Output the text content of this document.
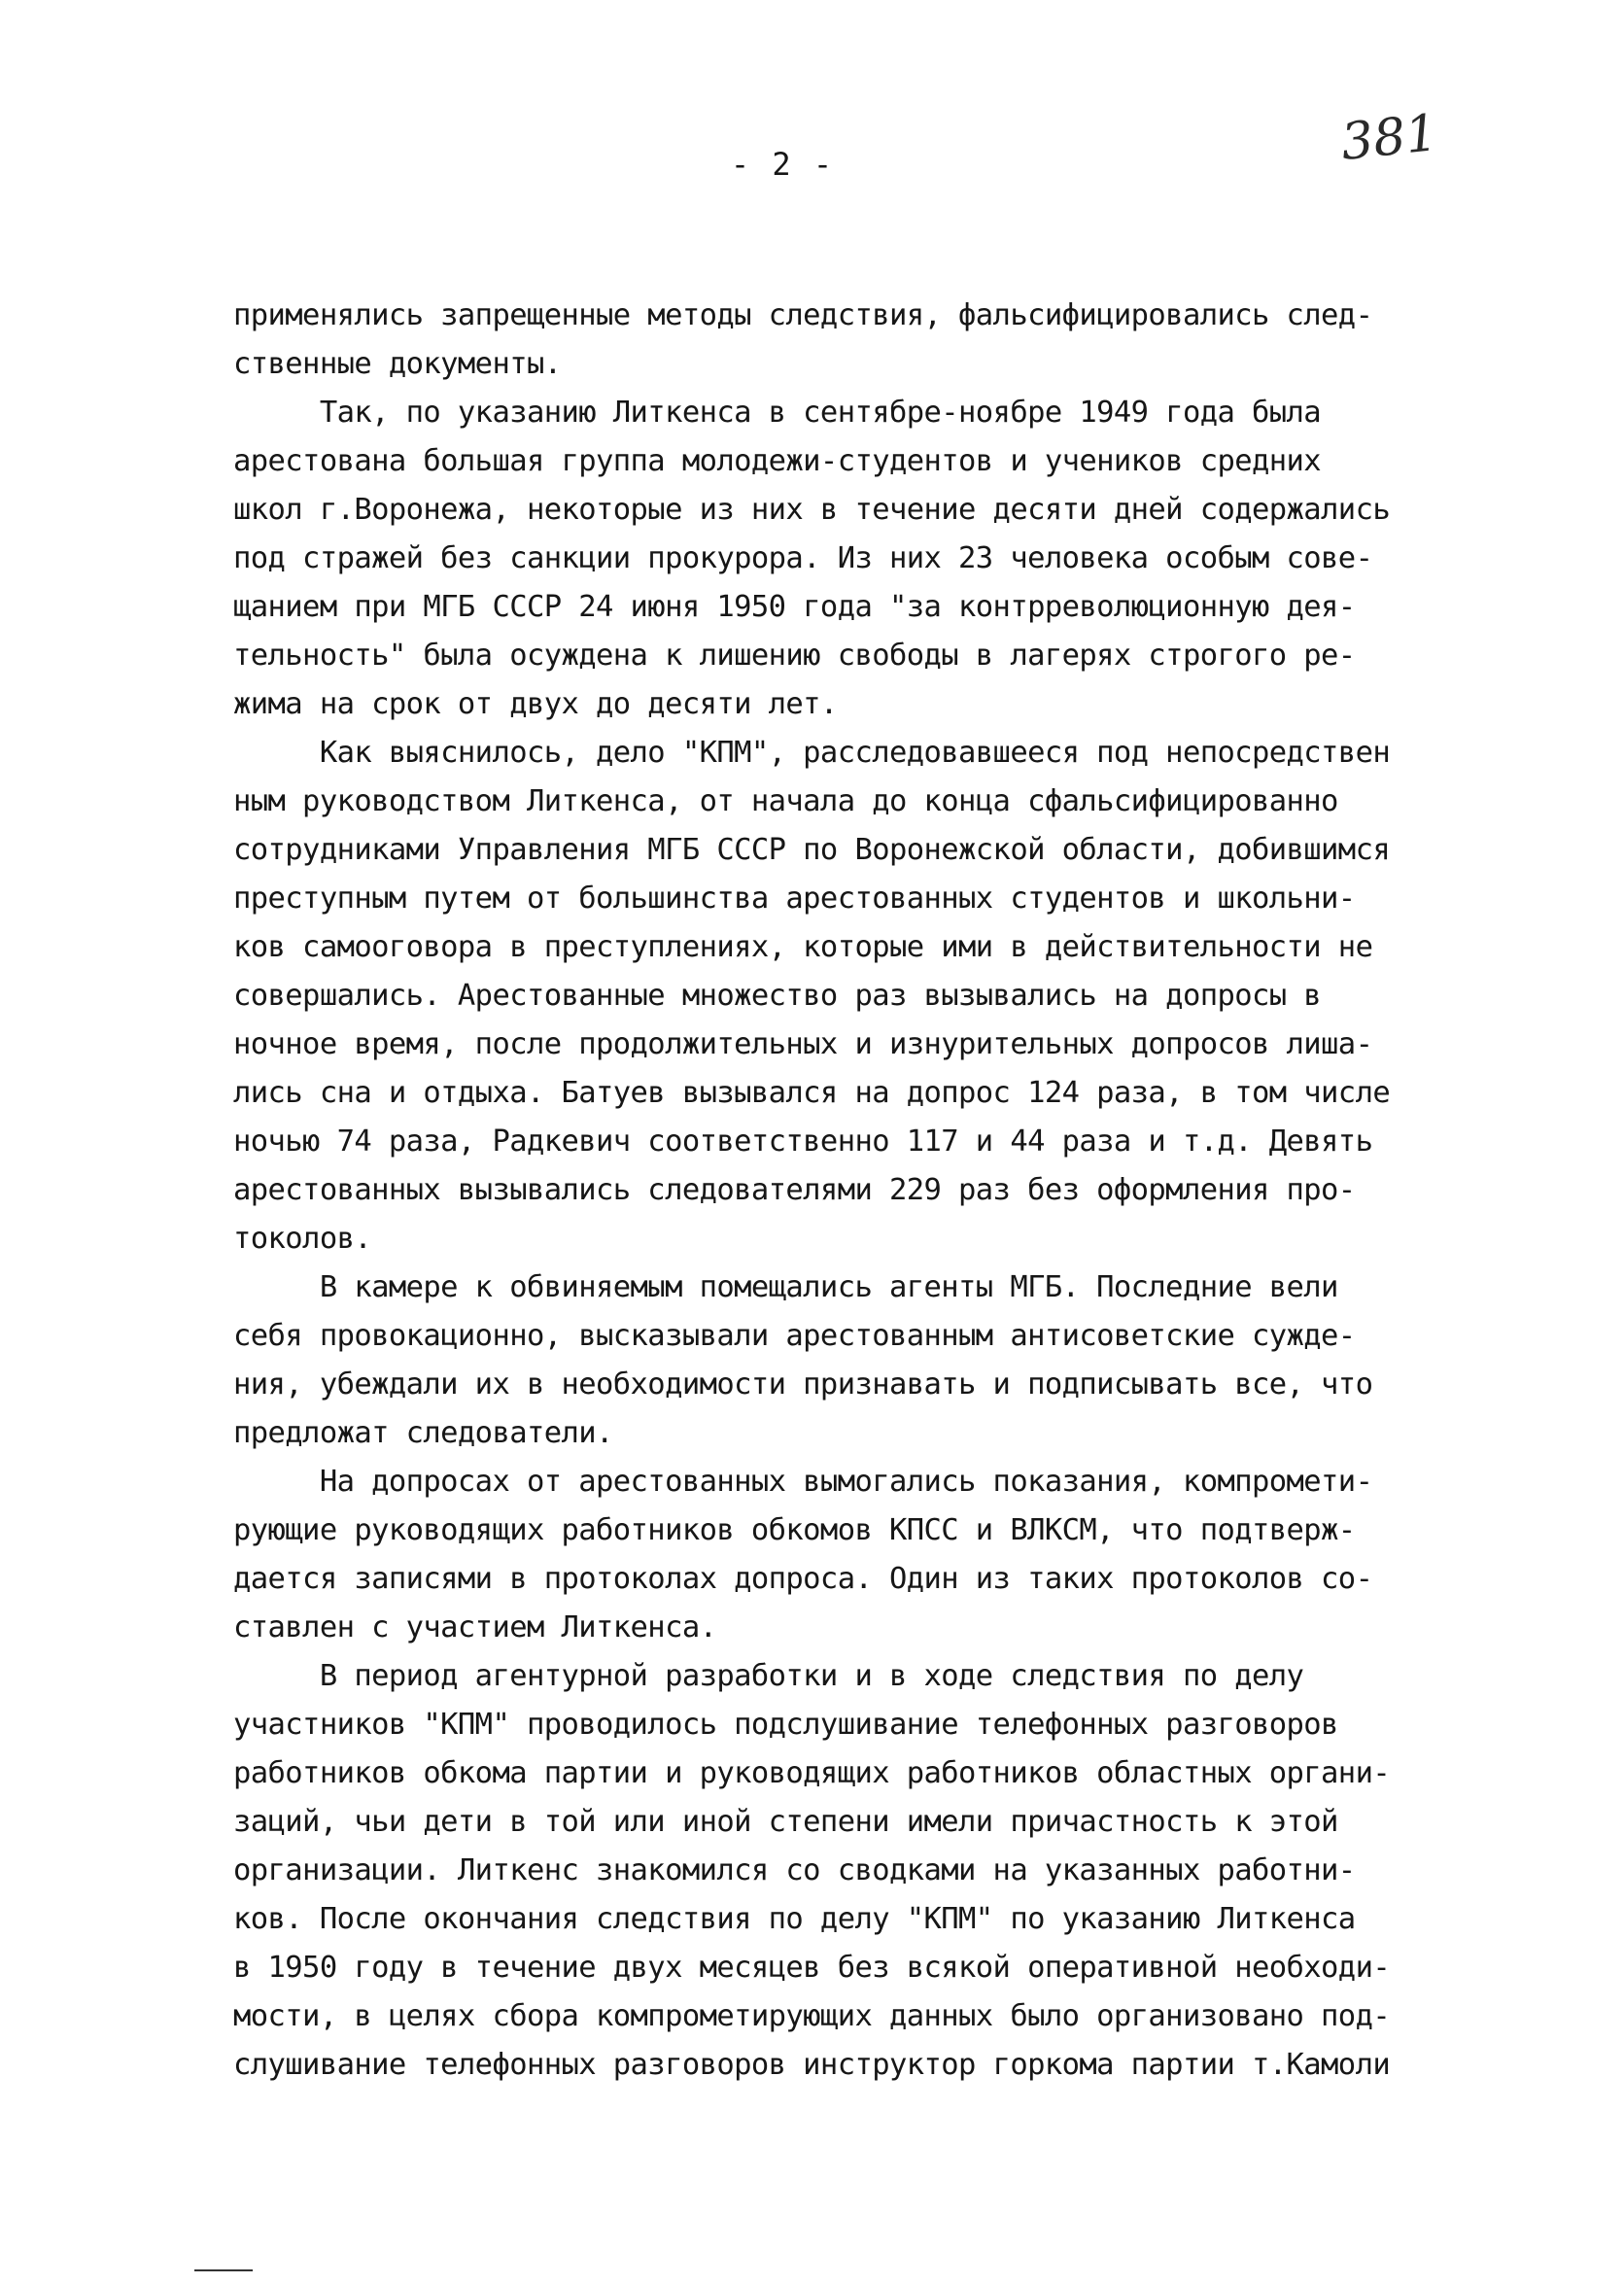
- 2 -	381
применялись запрещенные методы следствия, фальсифицировались след-
ственные документы.
Так, по указанию Литкенса в сентябре-ноябре 1949 года была
арестована большая группа молодежи-студентов и учеников средних
школ г.Воронежа, некоторые из них в течение десяти дней содержались
под стражей без санкции прокурора. Из них 23 человека особым сове-
щанием при МГБ СССР 24 июня 1950 года "за контрреволюционную дея-
тельность" была осуждена к лишению свободы в лагерях строгого ре-
жима на срок от двух до десяти лет.
Как выяснилось, дело "КПМ", расследовавшееся под непосредствен
ным руководством Литкенса, от начала до конца сфальсифицированно
сотрудниками Управления МГБ СССР по Воронежской области, добившимся
преступным путем от большинства арестованных студентов и школьни-
ков самооговора в преступлениях, которые ими в действительности не
совершались. Арестованные множество раз вызывались на допросы в
ночное время, после продолжительных и изнурительных допросов лиша-
лись сна и отдыха. Батуев вызывался на допрос 124 раза, в том числе
ночью 74 раза, Радкевич соответственно 117 и 44 раза и т.д. Девять
арестованных вызывались следователями 229 раз без оформления про-
токолов.
В камере к обвиняемым помещались агенты МГБ. Последние вели
себя провокационно, высказывали арестованным антисоветские сужде-
ния, убеждали их в необходимости признавать и подписывать все, что
предложат следователи.
На допросах от арестованных вымогались показания, компромети-
рующие руководящих работников обкомов КПСС и ВЛКСМ, что подтверж-
дается записями в протоколах допроса. Один из таких протоколов со-
ставлен с участием Литкенса.
В период агентурной разработки и в ходе следствия по делу
участников "КПМ" проводилось подслушивание телефонных разговоров
работников обкома партии и руководящих работников областных органи-
заций, чьи дети в той или иной степени имели причастность к этой
организации. Литкенс знакомился со сводками на указанных работни-
ков. После окончания следствия по делу "КПМ" по указанию Литкенса
в 1950 году в течение двух месяцев без всякой оперативной необходи-
мости, в целях сбора компрометирующих данных было организовано под-
слушивание телефонных разговоров инструктор горкома партии т.Камоли
